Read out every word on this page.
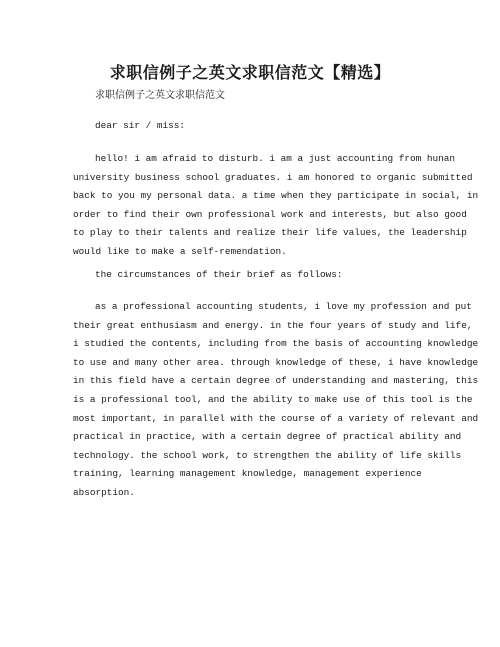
求职信例子之英文求职信范文【精选】
求职信例子之英文求职信范文
dear sir / miss:
hello! i am afraid to disturb. i am a just accounting from hunan
university business school graduates. i am honored to organic submitted
back to you my personal data. a time when they participate in social, in
order to find their own professional work and interests, but also good
to play to their talents and realize their life values, the leadership
would like to make a self-remendation.
the circumstances of their brief as follows:
as a professional accounting students, i love my profession and put
their great enthusiasm and energy. in the four years of study and life,
i studied the contents, including from the basis of accounting knowledge
to use and many other area. through knowledge of these, i have knowledge
in this field have a certain degree of understanding and mastering, this
is a professional tool, and the ability to make use of this tool is the
most important, in parallel with the course of a variety of relevant and
practical in practice, with a certain degree of practical ability and
technology. the school work, to strengthen the ability of life skills
training, learning management knowledge, management experience
absorption.
